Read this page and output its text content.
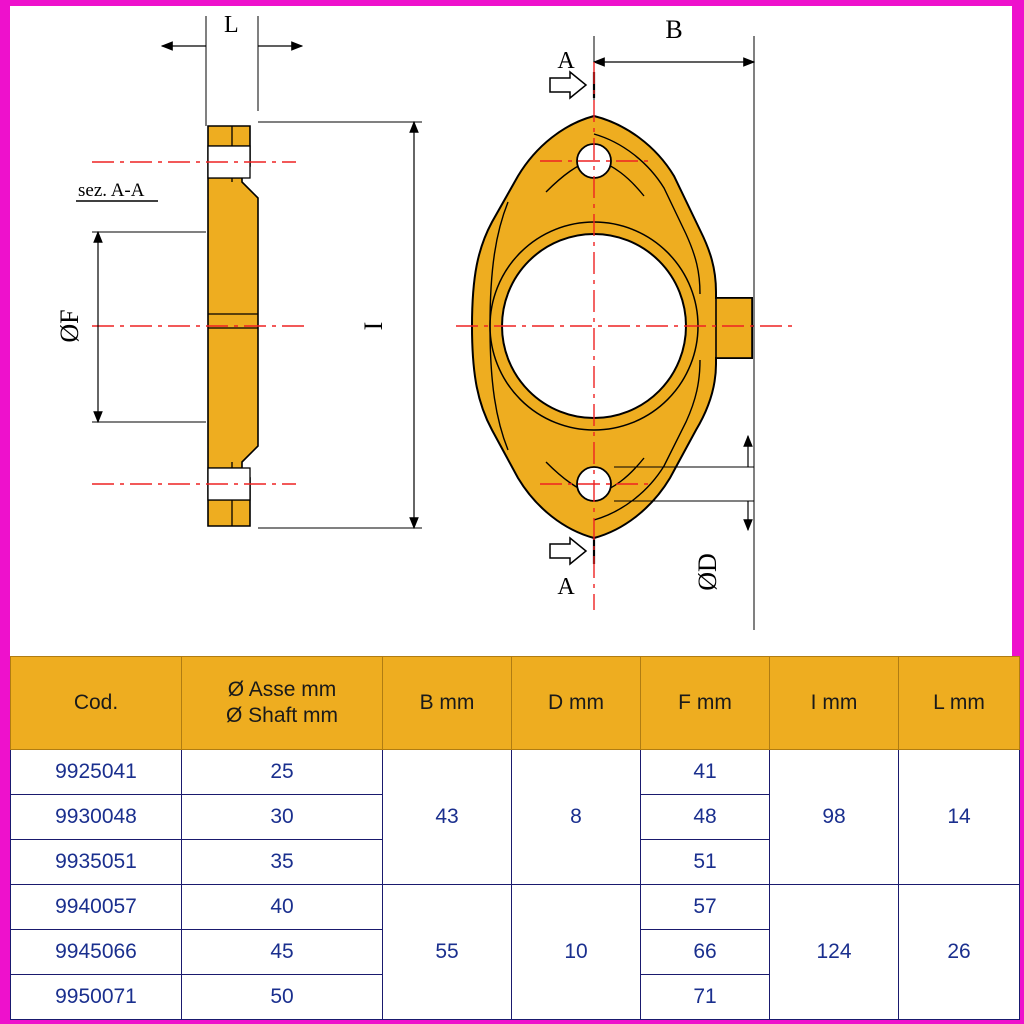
sez. A-A
L
ØF	I
B
A
A	ØD
Cod.	Ø Asse mm
Ø Shaft mm	B mm	D mm	F mm	I mm	L mm
9925041	25	43	8	41	98	14
9930048	30			48		
9935051	35			51		
9940057	40	55	10	57	124	26
9945066	45			66		
9950071	50			71		
